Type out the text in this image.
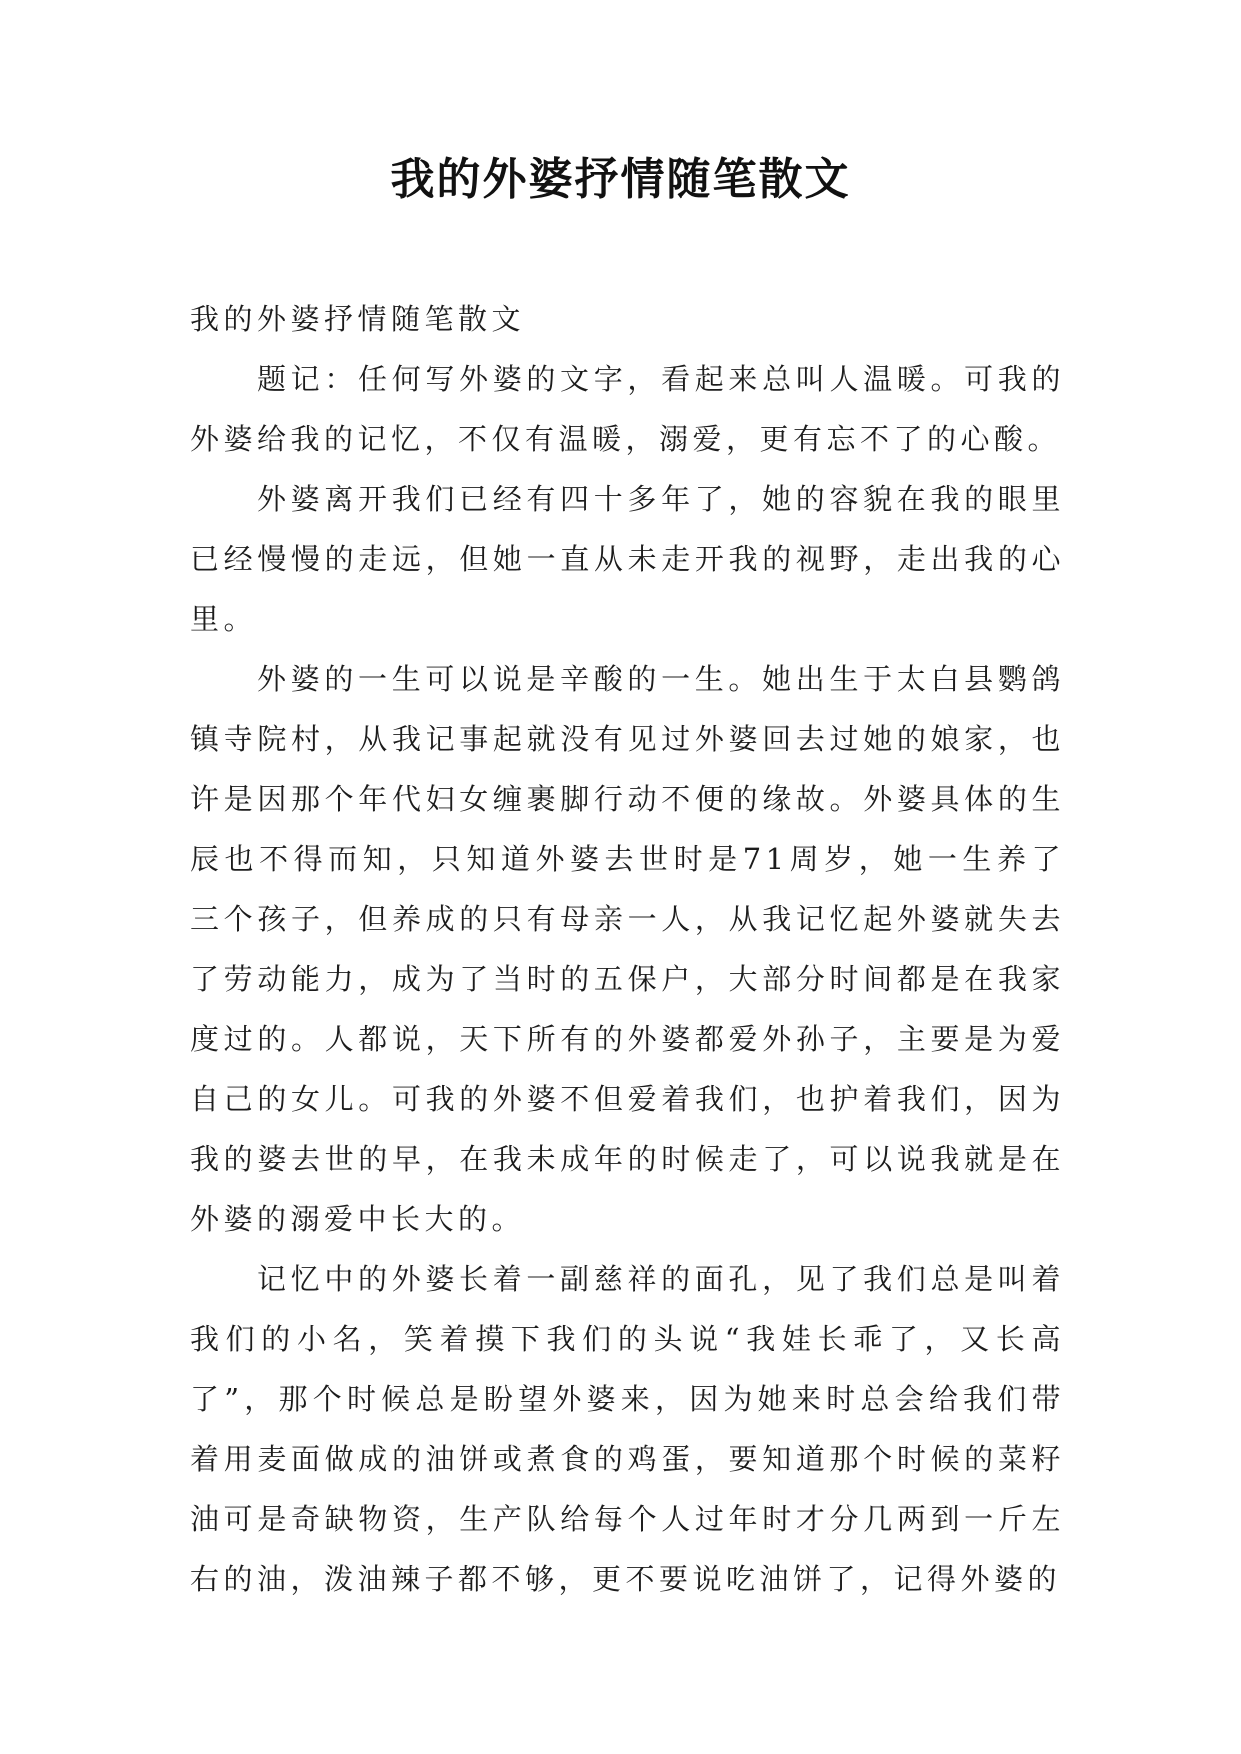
我的外婆抒情随笔散文

我的外婆抒情随笔散文

题记：任何写外婆的文字，看起来总叫人温暖。可我的外婆给我的记忆，不仅有温暖，溺爱，更有忘不了的心酸。

外婆离开我们已经有四十多年了，她的容貌在我的眼里已经慢慢的走远，但她一直从未走开我的视野，走出我的心里。

外婆的一生可以说是辛酸的一生。她出生于太白县鹦鸽镇寺院村，从我记事起就没有见过外婆回去过她的娘家，也许是因那个年代妇女缠裹脚行动不便的缘故。外婆具体的生辰也不得而知，只知道外婆去世时是71周岁，她一生养了三个孩子，但养成的只有母亲一人，从我记忆起外婆就失去了劳动能力，成为了当时的五保户，大部分时间都是在我家度过的。人都说，天下所有的外婆都爱外孙子，主要是为爱自己的女儿。可我的外婆不但爱着我们，也护着我们，因为我的婆去世的早，在我未成年的时候走了，可以说我就是在外婆的溺爱中长大的。

记忆中的外婆长着一副慈祥的面孔，见了我们总是叫着我们的小名，笑着摸下我们的头说“我娃长乖了，又长高了”，那个时候总是盼望外婆来，因为她来时总会给我们带着用麦面做成的油饼或煮食的鸡蛋，要知道那个时候的菜籽油可是奇缺物资，生产队给每个人过年时才分几两到一斤左右的油，泼油辣子都不够，更不要说吃油饼了，记得外婆的
